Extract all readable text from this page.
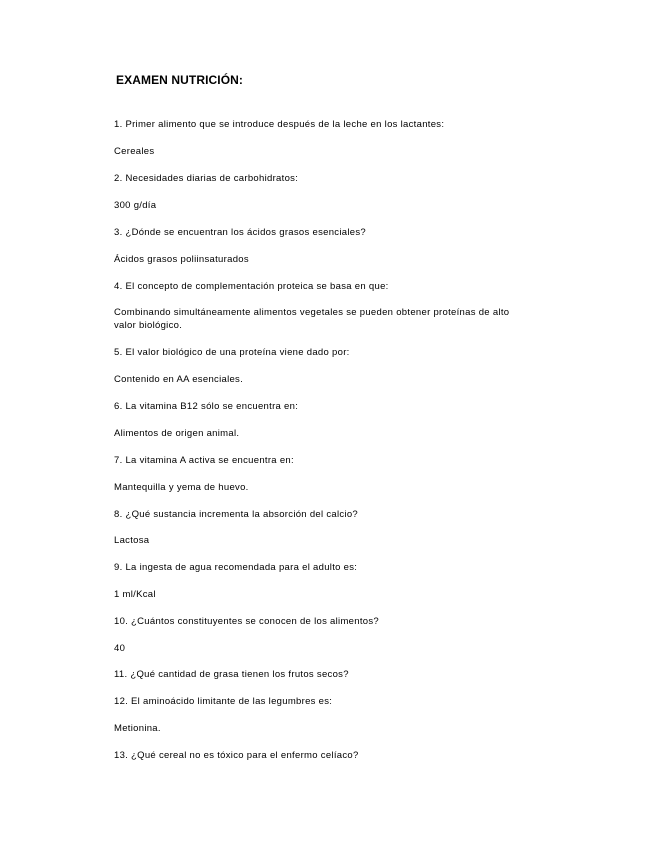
EXAMEN NUTRICIÓN:
1. Primer alimento que se introduce después de la leche en los lactantes:
Cereales
2. Necesidades diarias de carbohidratos:
300 g/día
3. ¿Dónde se encuentran los ácidos grasos esenciales?
Ácidos grasos poliinsaturados
4. El concepto de complementación proteica se basa en que:
Combinando simultáneamente alimentos vegetales se pueden obtener proteínas de alto valor biológico.
5. El valor biológico de una proteína viene dado por:
Contenido en AA esenciales.
6. La vitamina B12 sólo se encuentra en:
Alimentos de origen animal.
7. La vitamina A activa se encuentra en:
Mantequilla y yema de huevo.
8. ¿Qué sustancia incrementa la absorción del calcio?
Lactosa
9. La ingesta de agua recomendada para el adulto es:
1 ml/Kcal
10. ¿Cuántos constituyentes se conocen de los alimentos?
40
11. ¿Qué cantidad de grasa tienen los frutos secos?
12. El aminoácido limitante de las legumbres es:
Metionina.
13. ¿Qué cereal no es tóxico para el enfermo celíaco?
